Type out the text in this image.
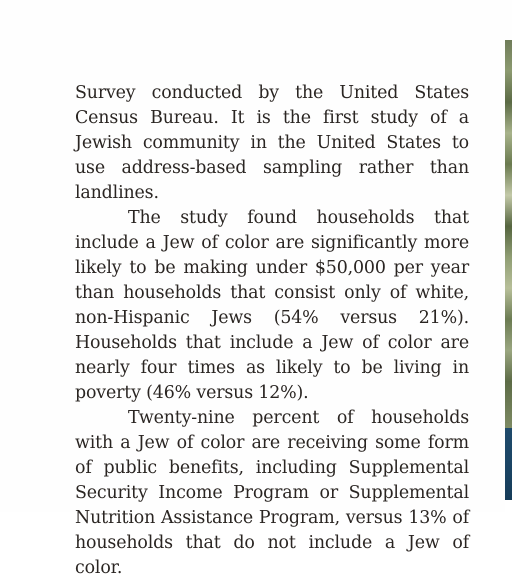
Survey conducted by the United States Census Bureau. It is the first study of a Jewish community in the United States to use address-based sampling rather than landlines.

The study found households that include a Jew of color are significantly more likely to be making under $50,000 per year than households that consist only of white, non-Hispanic Jews (54% versus 21%). Households that include a Jew of color are nearly four times as likely to be living in poverty (46% versus 12%).

Twenty-nine percent of households with a Jew of color are receiving some form of public benefits, including Supplemental Security Income Program or Supplemental Nutrition Assistance Program, versus 13% of households that do not include a Jew of color.
